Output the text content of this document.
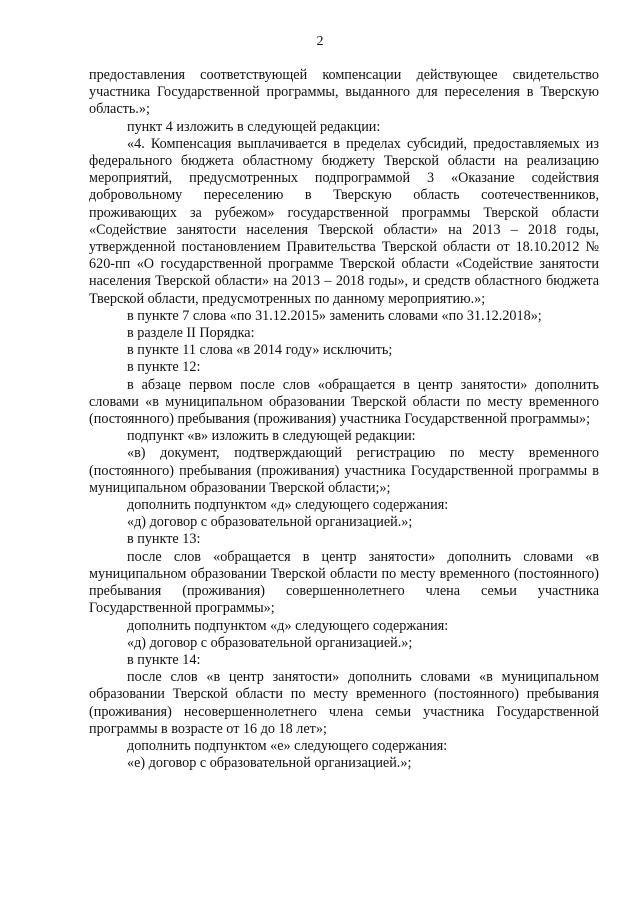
2

предоставления соответствующей компенсации действующее свидетельство участника Государственной программы, выданного для переселения в Тверскую область.»;

пункт 4 изложить в следующей редакции:

«4. Компенсация выплачивается в пределах субсидий, предоставляемых из федерального бюджета областному бюджету Тверской области на реализацию мероприятий, предусмотренных подпрограммой 3 «Оказание содействия добровольному переселению в Тверскую область соотечественников, проживающих за рубежом» государственной программы Тверской области «Содействие занятости населения Тверской области» на 2013 – 2018 годы, утвержденной постановлением Правительства Тверской области от 18.10.2012 № 620-пп «О государственной программе Тверской области «Содействие занятости населения Тверской области» на 2013 – 2018 годы», и средств областного бюджета Тверской области, предусмотренных по данному мероприятию.»;

в пункте 7 слова «по 31.12.2015» заменить словами «по 31.12.2018»;

в разделе II Порядка:

в пункте 11 слова «в 2014 году» исключить;

в пункте 12:

в абзаце первом после слов «обращается в центр занятости» дополнить словами «в муниципальном образовании Тверской области по месту временного (постоянного) пребывания (проживания) участника Государственной программы»;

подпункт «в» изложить в следующей редакции:

«в) документ, подтверждающий регистрацию по месту временного (постоянного) пребывания (проживания) участника Государственной программы в муниципальном образовании Тверской области;»;

дополнить подпунктом «д» следующего содержания:

«д) договор с образовательной организацией.»;

в пункте 13:

после слов «обращается в центр занятости» дополнить словами «в муниципальном образовании Тверской области по месту временного (постоянного) пребывания (проживания) совершеннолетнего члена семьи участника Государственной программы»;

дополнить подпунктом «д» следующего содержания:

«д) договор с образовательной организацией.»;

в пункте 14:

после слов «в центр занятости» дополнить словами «в муниципальном образовании Тверской области по месту временного (постоянного) пребывания (проживания) несовершеннолетнего члена семьи участника Государственной программы в возрасте от 16 до 18 лет»;

дополнить подпунктом «е» следующего содержания:

«е) договор с образовательной организацией.»;
